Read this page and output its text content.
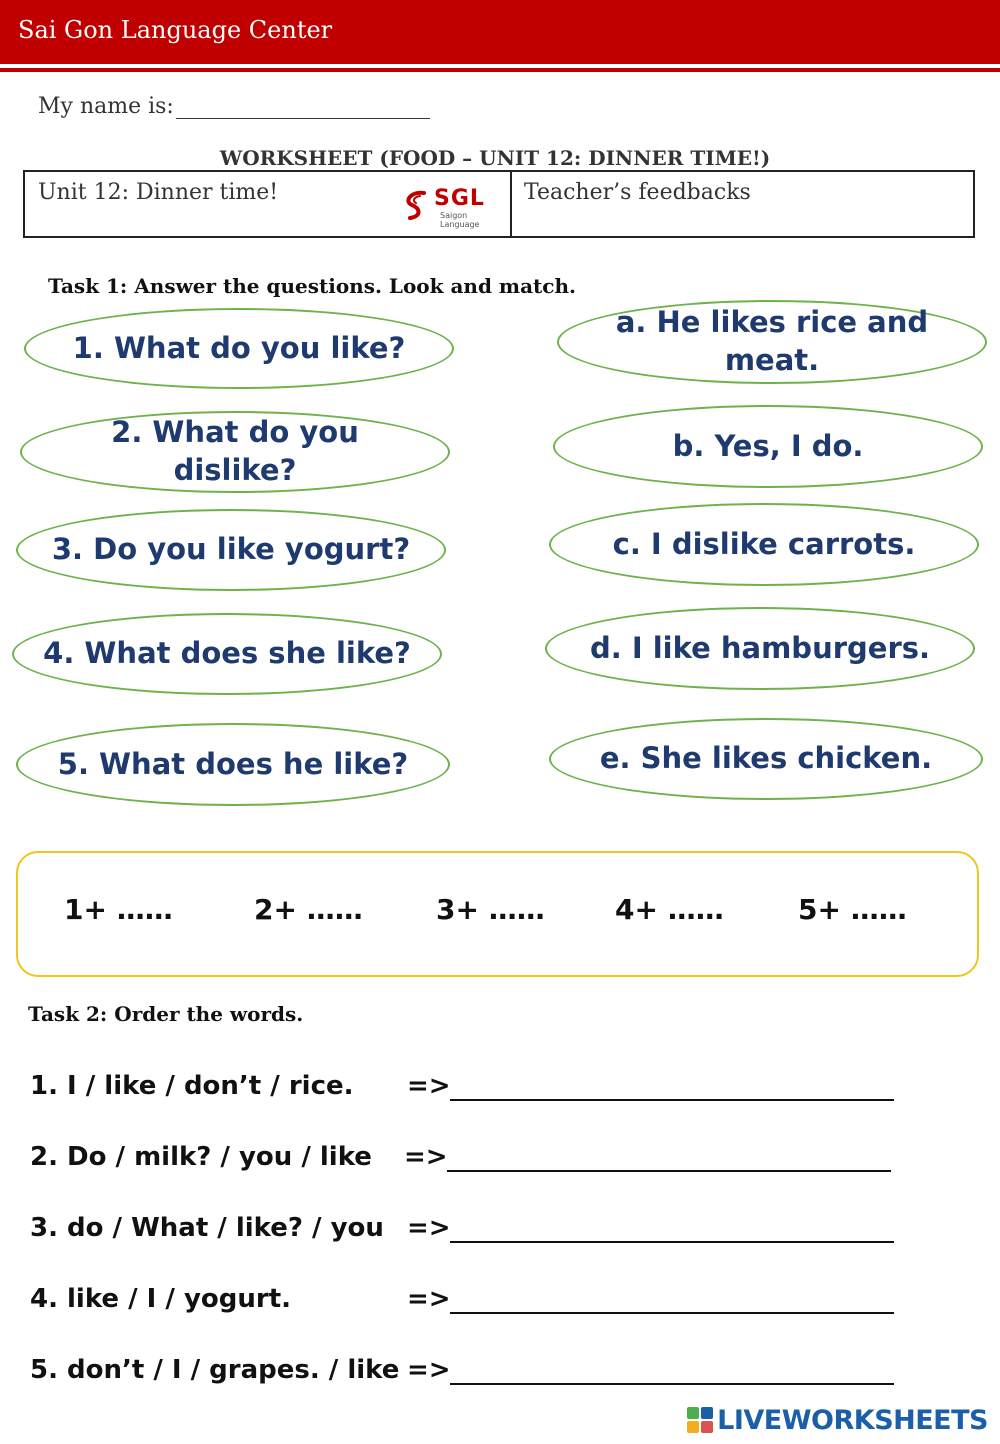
Sai Gon Language Center
My name is:
WORKSHEET (FOOD – UNIT 12: DINNER TIME!)
Unit 12: Dinner time!	SGL
Saigon Language
Teacher’s feedbacks
Task 1: Answer the questions. Look and match.
1. What do you like?
2. What do you
dislike?
3. Do you like yogurt?
4. What does she like?
5. What does he like?
a. He likes rice and
meat.
b. Yes, I do.
c. I dislike carrots.
d. I like hamburgers.
e. She likes chicken.
1+ ……	2+ ……	3+ ……	4+ ……	5+ ……
Task 2: Order the words.
1. I / like / don’t / rice. =>
2. Do / milk? / you / like =>
3. do / What / like? / you =>
4. like / I / yogurt.	=>
5. don’t / I / grapes. / like =>
LIVEWORKSHEETS
